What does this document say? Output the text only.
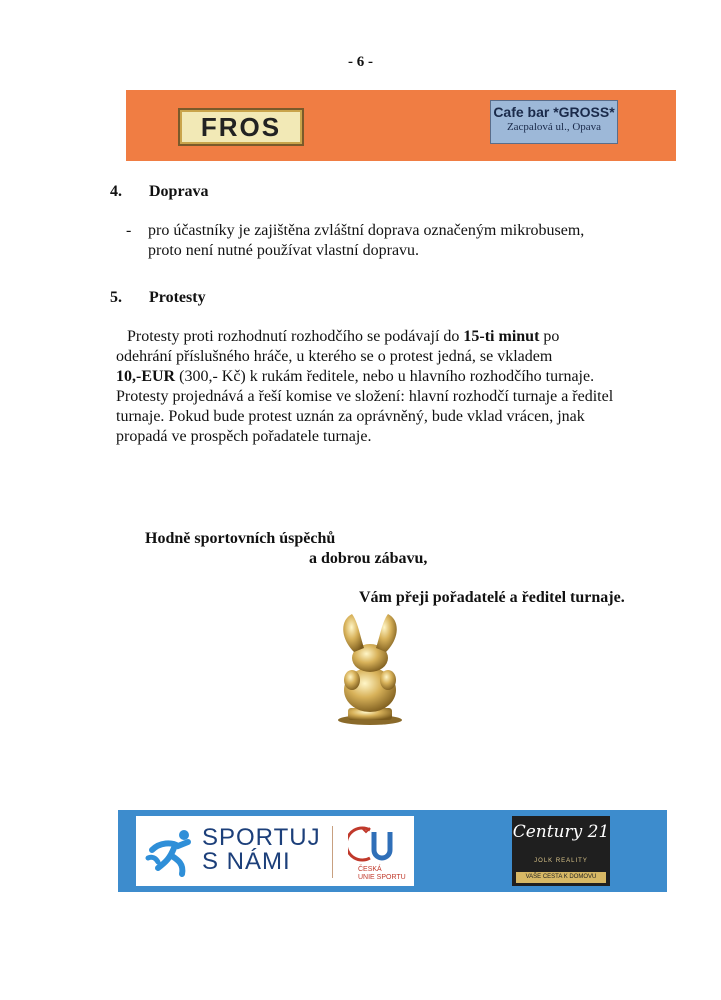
- 6 -
FROS	Cafe bar *GROSS*
Zacpalová ul., Opava
4. Doprava
- pro účastníky je zajištěna zvláštní doprava označeným mikrobusem,
proto není nutné používat vlastní dopravu.
5. Protesty
Protesty proti rozhodnutí rozhodčího se podávají do 15-ti minut po
odehrání příslušného hráče, u kterého se o protest jedná, se vkladem
10,-EUR (300,- Kč) k rukám ředitele, nebo u hlavního rozhodčího turnaje.
Protesty projednává a řeší komise ve složení: hlavní rozhodčí turnaje a ředitel
turnaje. Pokud bude protest uznán za oprávněný, bude vklad vrácen, jnak
propadá ve prospěch pořadatele turnaje.
Hodně sportovních úspěchů
a dobrou zábavu,
Vám přeji pořadatelé a ředitel turnaje.
SPORTUJ
S NÁMI	ČESKÁ
UNIE SPORTU
Century 21
JOLK REALITY
VAŠE CESTA K DOMOVU
